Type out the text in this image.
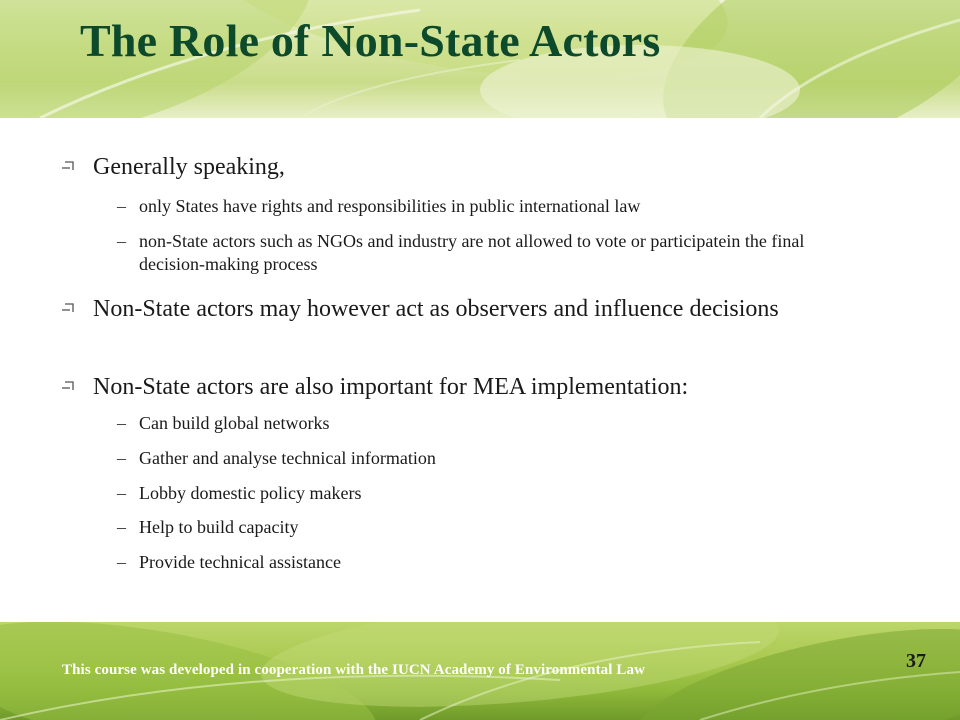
The Role of Non-State Actors
Generally speaking,
– only States have rights and responsibilities in public international law
– non-State actors such as NGOs and industry are not allowed to vote or participatein the final decision-making process
Non-State actors may however act as observers and influence decisions
Non-State actors are also important for MEA implementation:
– Can build global networks
– Gather and analyse technical information
– Lobby domestic policy makers
– Help to build capacity
– Provide technical assistance
This course was developed in cooperation with the IUCN Academy of Environmental Law	37
